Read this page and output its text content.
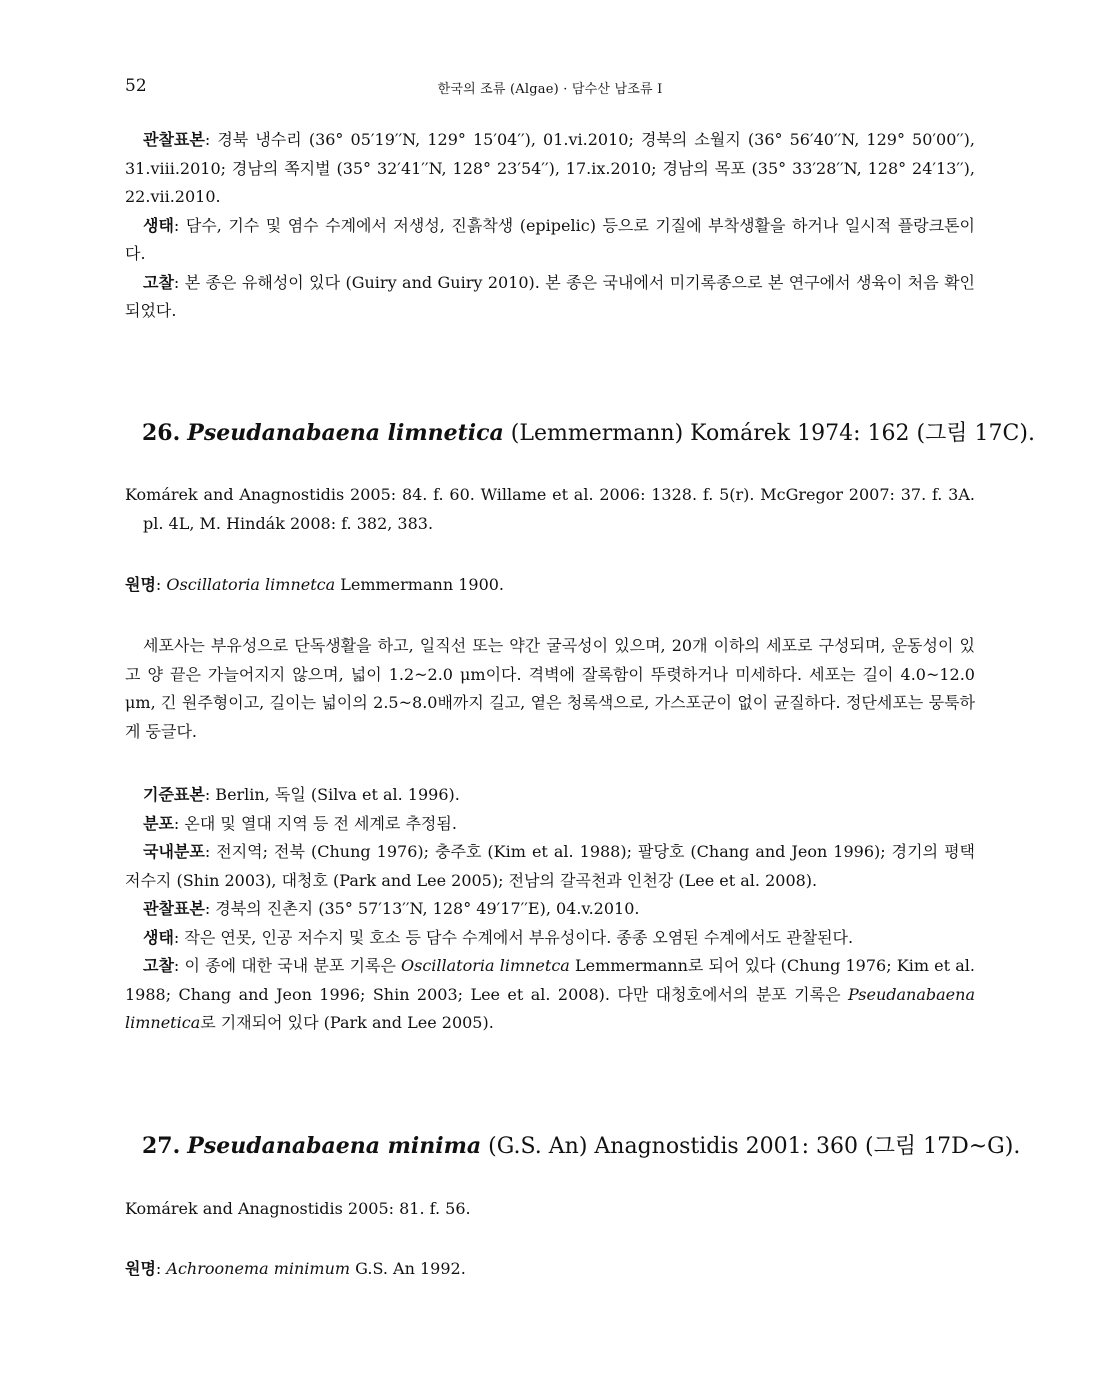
52	한국의 조류 (Algae) · 담수산 남조류 I

관찰표본: 경북 냉수리 (36° 05′19′′N, 129° 15′04′′), 01.vi.2010; 경북의 소월지 (36° 56′40′′N, 129° 50′00′′), 31.viii.2010; 경남의 쪽지벌 (35° 32′41′′N, 128° 23′54′′), 17.ix.2010; 경남의 목포 (35° 33′28′′N, 128° 24′13′′), 22.vii.2010.

생태: 담수, 기수 및 염수 수계에서 저생성, 진흙착생 (epipelic) 등으로 기질에 부착생활을 하거나 일시적 플랑크톤이다.

고찰: 본 종은 유해성이 있다 (Guiry and Guiry 2010). 본 종은 국내에서 미기록종으로 본 연구에서 생육이 처음 확인되었다.

26. Pseudanabaena limnetica (Lemmermann) Komárek 1974: 162 (그림 17C).

Komárek and Anagnostidis 2005: 84. f. 60. Willame et al. 2006: 1328. f. 5(r). McGregor 2007: 37. f. 3A. pl. 4L, M. Hindák 2008: f. 382, 383.

원명: Oscillatoria limnetca Lemmermann 1900.

세포사는 부유성으로 단독생활을 하고, 일직선 또는 약간 굴곡성이 있으며, 20개 이하의 세포로 구성되며, 운동성이 있고 양 끝은 가늘어지지 않으며, 넓이 1.2~2.0 μm이다. 격벽에 잘록함이 뚜렷하거나 미세하다. 세포는 길이 4.0~12.0 μm, 긴 원주형이고, 길이는 넓이의 2.5~8.0배까지 길고, 옅은 청록색으로, 가스포군이 없이 균질하다. 정단세포는 뭉툭하게 둥글다.

기준표본: Berlin, 독일 (Silva et al. 1996).

분포: 온대 및 열대 지역 등 전 세계로 추정됨.

국내분포: 전지역; 전북 (Chung 1976); 충주호 (Kim et al. 1988); 팔당호 (Chang and Jeon 1996); 경기의 평택저수지 (Shin 2003), 대청호 (Park and Lee 2005); 전남의 갈곡천과 인천강 (Lee et al. 2008).

관찰표본: 경북의 진촌지 (35° 57′13′′N, 128° 49′17′′E), 04.v.2010.

생태: 작은 연못, 인공 저수지 및 호소 등 담수 수계에서 부유성이다. 종종 오염된 수계에서도 관찰된다.

고찰: 이 종에 대한 국내 분포 기록은 Oscillatoria limnetca Lemmermann로 되어 있다 (Chung 1976; Kim et al. 1988; Chang and Jeon 1996; Shin 2003; Lee et al. 2008). 다만 대청호에서의 분포 기록은 Pseudanabaena limnetica로 기재되어 있다 (Park and Lee 2005).

27. Pseudanabaena minima (G.S. An) Anagnostidis 2001: 360 (그림 17D~G).

Komárek and Anagnostidis 2005: 81. f. 56.

원명: Achroonema minimum G.S. An 1992.
